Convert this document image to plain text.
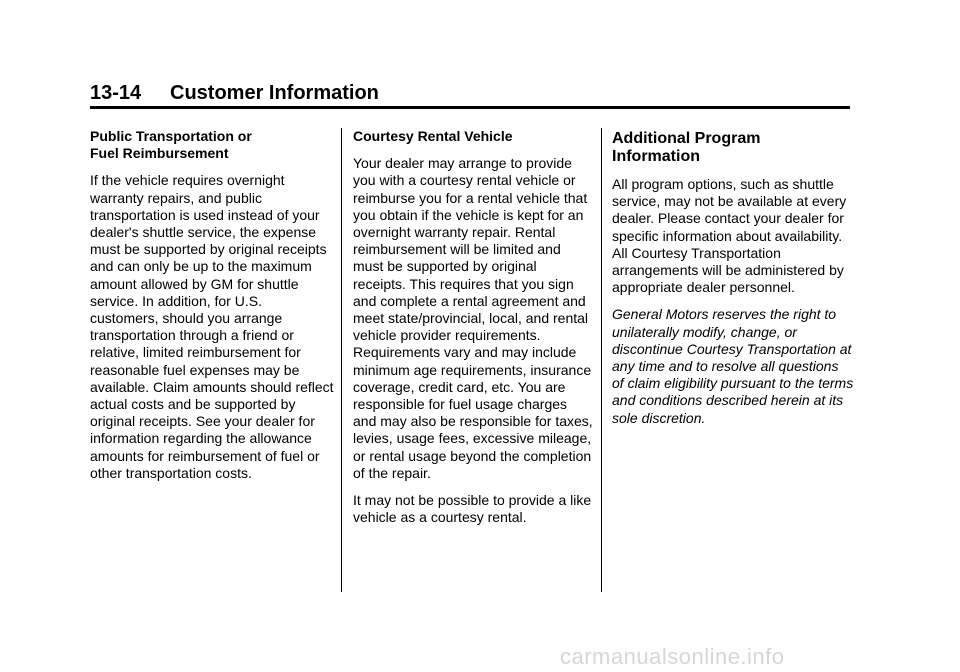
13-14 Customer Information
Public Transportation or
Fuel Reimbursement

If the vehicle requires overnight warranty repairs, and public transportation is used instead of your dealer's shuttle service, the expense must be supported by original receipts and can only be up to the maximum amount allowed by GM for shuttle service. In addition, for U.S. customers, should you arrange transportation through a friend or relative, limited reimbursement for reasonable fuel expenses may be available. Claim amounts should reflect actual costs and be supported by original receipts. See your dealer for information regarding the allowance amounts for reimbursement of fuel or other transportation costs.

Courtesy Rental Vehicle

Your dealer may arrange to provide you with a courtesy rental vehicle or reimburse you for a rental vehicle that you obtain if the vehicle is kept for an overnight warranty repair. Rental reimbursement will be limited and must be supported by original receipts. This requires that you sign and complete a rental agreement and meet state/provincial, local, and rental vehicle provider requirements. Requirements vary and may include minimum age requirements, insurance coverage, credit card, etc. You are responsible for fuel usage charges and may also be responsible for taxes, levies, usage fees, excessive mileage, or rental usage beyond the completion of the repair.

It may not be possible to provide a like vehicle as a courtesy rental.

Additional Program
Information

All program options, such as shuttle service, may not be available at every dealer. Please contact your dealer for specific information about availability. All Courtesy Transportation arrangements will be administered by appropriate dealer personnel.

General Motors reserves the right to unilaterally modify, change, or discontinue Courtesy Transportation at any time and to resolve all questions of claim eligibility pursuant to the terms and conditions described herein at its sole discretion.

carmanualsonline.info
